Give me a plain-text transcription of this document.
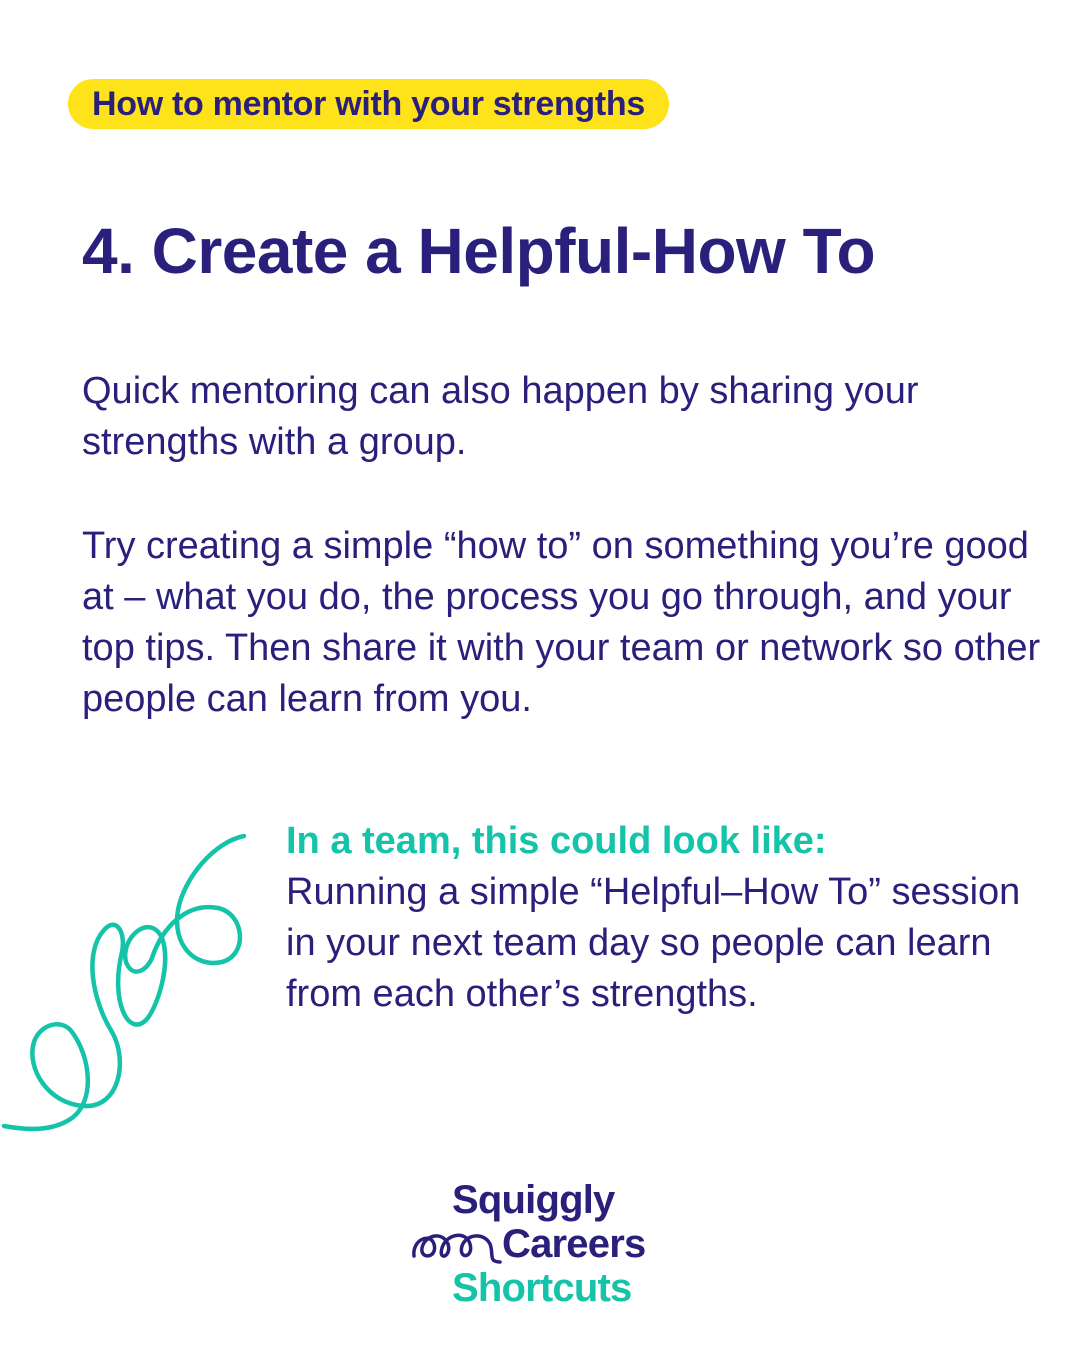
How to mentor with your strengths
4. Create a Helpful-How To

Quick mentoring can also happen by sharing your strengths with a group.

Try creating a simple “how to” on something you’re good at – what you do, the process you go through, and your top tips. Then share it with your team or network so other people can learn from you.

In a team, this could look like:
Running a simple “Helpful–How To” session in your next team day so people can learn from each other’s strengths.
Squiggly
Careers
Shortcuts
